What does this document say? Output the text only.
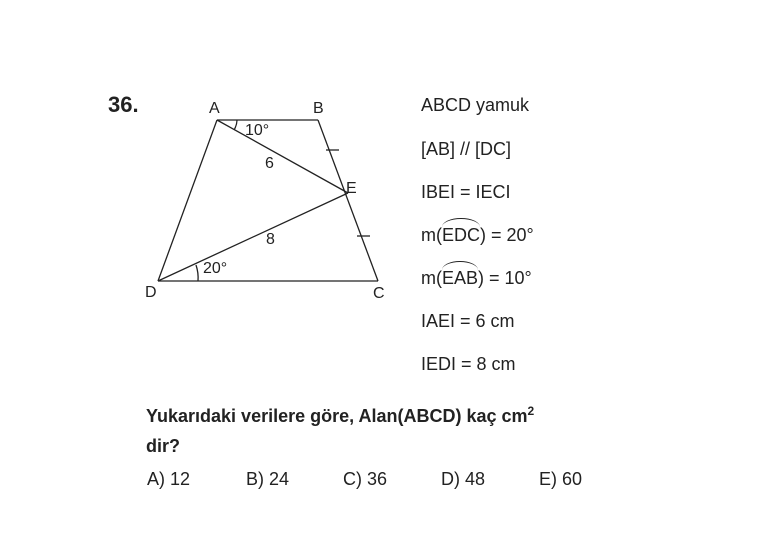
36.	A	B
E
D	C
10°
20°
6
8
ABCD yamuk
[AB] // [DC]
IBEI = IECI
m(EDC) = 20°
m(EAB) = 10°
IAEI = 6 cm
IEDI = 8 cm
Yukarıdaki verilere göre, Alan(ABCD) kaç $cm^2$
dir?
A) 12	B) 24	C) 36	D) 48	E) 60
